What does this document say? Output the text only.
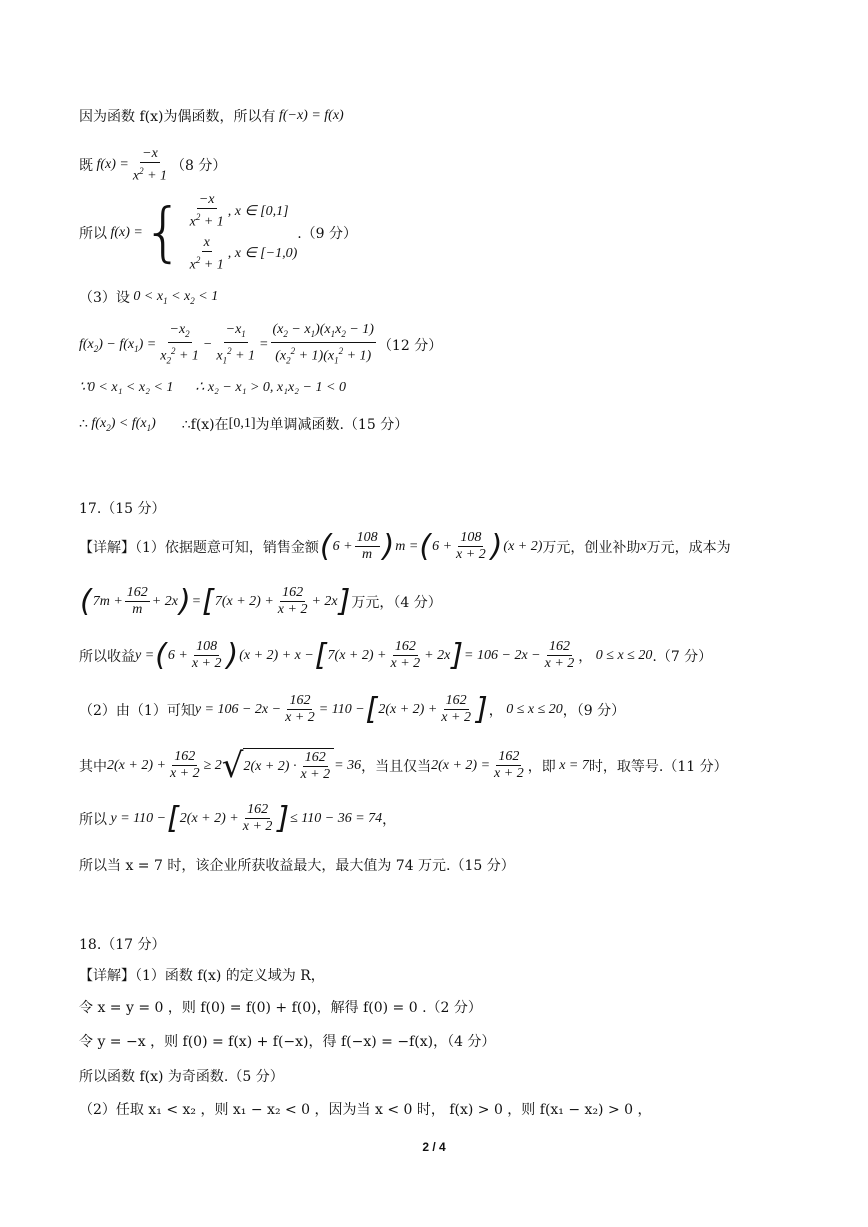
因为函数 f(x)为偶函数，所以有 f(−x) = f(x)
既 $f(x) = \frac{-x}{x^2 + 1} (8$ 分）
所以 f(x) = { $\frac{-x}{x^2 + 1}$ , x ∈ [0,1]
$\frac{x}{x^2 + 1}$ , x ∈ [−1,0)
.（9 分）
（3）设 $0 < x_1 < x_2 < 1$
$f(x_2) - f(x_1) = \frac{-x_2}{x_2^2 + 1} - \frac{-x_1}{x_1^2 + 1} = \frac{(x_2 - x_1)(x_1x_2 - 1)}{(x_2^2 + 1)(x_1^2 + 1)} (12$ 分）
∵0 < x₁ < x₂ < 1 ∴ x₂ − x₁ > 0, x₁x₂ − 1 < 0
∴ $f(x_2) < f(x_1)$ ∴f(x)在 [0,1] 为单调减函数.（15 分）
17.（15 分）
【详解】（1）依据题意可知，销售金额 ( $6 + \frac{108}{m}$ ) m = ( $6 + \frac{108}{x + 2}$ ) (x + 2) 万元，创业补助 x 万元，成本为
( $7m + \frac{162}{m} + 2x$ ) = [ $7(x + 2) + \frac{162}{x + 2} + 2x$ ] 万元，（4 分）
所以收益 y = ( $6 + \frac{108}{x + 2}$ ) (x + 2) + x − [ $7(x + 2) + \frac{162}{x + 2} + 2x$ ] = $106 - 2x - \frac{162}{x + 2}$ ， 0 ≤ x ≤ 20 .（7 分）
（2）由（1）可知 $y = 106 - 2x - \frac{162}{x + 2} = 110$ − [ $2(x + 2) + \frac{162}{x + 2}$ ] ， 0 ≤ x ≤ 20 ，（9 分）
其中 $2(x + 2) + \frac{162}{x + 2} \ge 2$ √ $2(x + 2) \cdot \frac{162}{x + 2} = 36$ ，当且仅当 $2(x + 2) = \frac{162}{x + 2}$ ，即 x = 7 时，取等号.（11 分）
所以 y = 110 − [ $2(x + 2) + \frac{162}{x + 2}$ ] ≤ 110 − 36 = 74 ，
所以当 x = 7 时，该企业所获收益最大，最大值为 74 万元.（15 分）
18.（17 分）
【详解】（1）函数 f(x) 的定义域为 R，
令 x = y = 0 ，则 f(0) = f(0) + f(0)，解得 f(0) = 0 .（2 分）
令 y = −x ，则 f(0) = f(x) + f(−x)，得 f(−x) = −f(x)，（4 分）
所以函数 f(x) 为奇函数.（5 分）
（2）任取 x₁ < x₂ ，则 x₁ − x₂ < 0 ，因为当 x < 0 时， f(x) > 0 ，则 f(x₁ − x₂) > 0 ，
2 / 4
